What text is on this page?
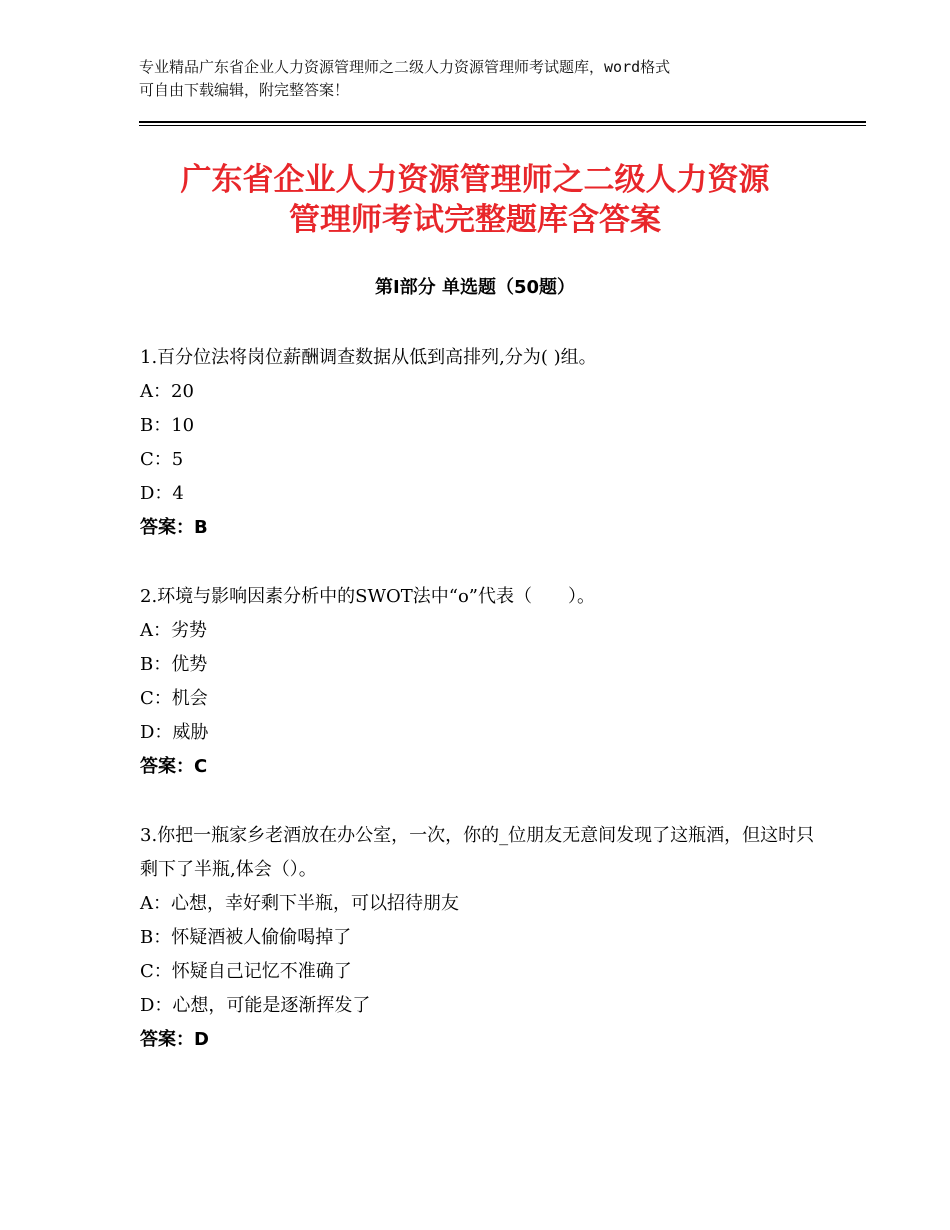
专业精品广东省企业人力资源管理师之二级人力资源管理师考试题库，word格式
可自由下载编辑，附完整答案！
广东省企业人力资源管理师之二级人力资源
管理师考试完整题库含答案
第Ⅰ部分 单选题（50题）

1.百分位法将岗位薪酬调查数据从低到高排列,分为( )组。

A：20

B：10

C：5

D：4

答案：B

2.环境与影响因素分析中的SWOT法中“o”代表（　　）。

A：劣势

B：优势

C：机会

D：威胁

答案：C

3.你把一瓶家乡老酒放在办公室，一次，你的_位朋友无意间发现了这瓶酒，但这时只剩下了半瓶,体会（）。

A：心想，幸好剩下半瓶，可以招待朋友

B：怀疑酒被人偷偷喝掉了

C：怀疑自己记忆不准确了

D：心想，可能是逐渐挥发了

答案：D
